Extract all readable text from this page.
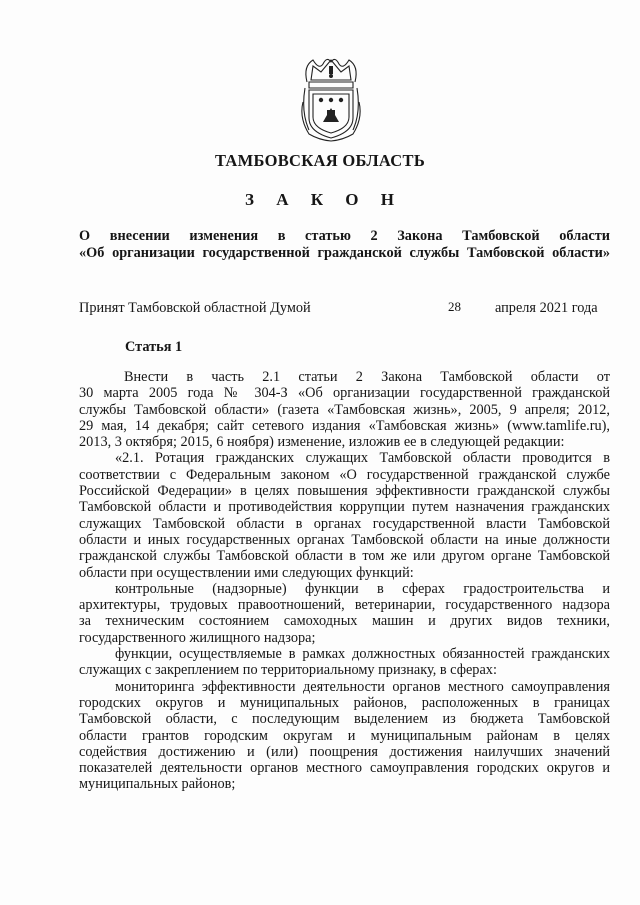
ТАМБОВСКАЯ ОБЛАСТЬ
З А К О Н
О внесении изменения в статью 2 Закона Тамбовской области
«Об организации государственной гражданской службы Тамбовской области»
Принят Тамбовской областной Думой	28 апреля 2021 года
Статья 1
Внести в часть 2.1 статьи 2 Закона Тамбовской области от
30 марта 2005 года № 304-З «Об организации государственной гражданской
службы Тамбовской области» (газета «Тамбовская жизнь», 2005, 9 апреля; 2012,
29 мая, 14 декабря; сайт сетевого издания «Тамбовская жизнь» (www.tamlife.ru),
2013, 3 октября; 2015, 6 ноября) изменение, изложив ее в следующей редакции:
«2.1. Ротация гражданских служащих Тамбовской области проводится в
соответствии с Федеральным законом «О государственной гражданской службе
Российской Федерации» в целях повышения эффективности гражданской службы
Тамбовской области и противодействия коррупции путем назначения гражданских
служащих Тамбовской области в органах государственной власти Тамбовской
области и иных государственных органах Тамбовской области на иные должности
гражданской службы Тамбовской области в том же или другом органе Тамбовской
области при осуществлении ими следующих функций:
контрольные (надзорные) функции в сферах градостроительства и
архитектуры, трудовых правоотношений, ветеринарии, государственного надзора
за техническим состоянием самоходных машин и других видов техники,
государственного жилищного надзора;
функции, осуществляемые в рамках должностных обязанностей гражданских
служащих с закреплением по территориальному признаку, в сферах:
мониторинга эффективности деятельности органов местного самоуправления
городских округов и муниципальных районов, расположенных в границах
Тамбовской области, с последующим выделением из бюджета Тамбовской
области грантов городским округам и муниципальным районам в целях
содействия достижению и (или) поощрения достижения наилучших значений
показателей деятельности органов местного самоуправления городских округов и
муниципальных районов;
